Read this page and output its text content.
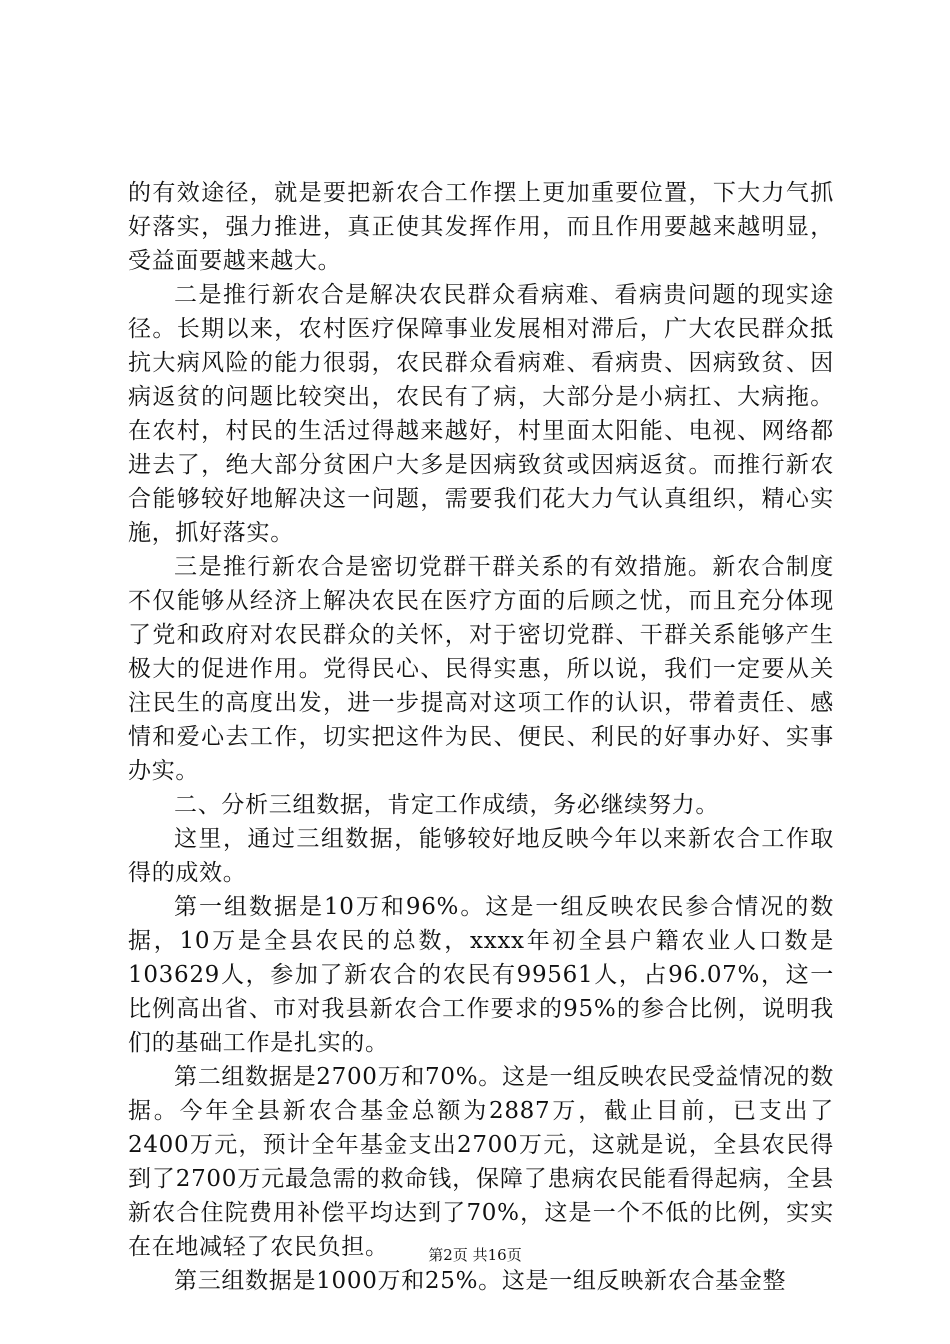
的有效途径，就是要把新农合工作摆上更加重要位置，下大力气抓好落实，强力推进，真正使其发挥作用，而且作用要越来越明显，受益面要越来越大。

二是推行新农合是解决农民群众看病难、看病贵问题的现实途径。长期以来，农村医疗保障事业发展相对滞后，广大农民群众抵抗大病风险的能力很弱，农民群众看病难、看病贵、因病致贫、因病返贫的问题比较突出，农民有了病，大部分是小病扛、大病拖。在农村，村民的生活过得越来越好，村里面太阳能、电视、网络都进去了，绝大部分贫困户大多是因病致贫或因病返贫。而推行新农合能够较好地解决这一问题，需要我们花大力气认真组织，精心实施，抓好落实。

三是推行新农合是密切党群干群关系的有效措施。新农合制度不仅能够从经济上解决农民在医疗方面的后顾之忧，而且充分体现了党和政府对农民群众的关怀，对于密切党群、干群关系能够产生极大的促进作用。党得民心、民得实惠，所以说，我们一定要从关注民生的高度出发，进一步提高对这项工作的认识，带着责任、感情和爱心去工作，切实把这件为民、便民、利民的好事办好、实事办实。

二、分析三组数据，肯定工作成绩，务必继续努力。

这里，通过三组数据，能够较好地反映今年以来新农合工作取得的成效。

第一组数据是10万和96%。这是一组反映农民参合情况的数据，10万是全县农民的总数，xxxx年初全县户籍农业人口数是103629人，参加了新农合的农民有99561人，占96.07%，这一比例高出省、市对我县新农合工作要求的95%的参合比例，说明我们的基础工作是扎实的。

第二组数据是2700万和70%。这是一组反映农民受益情况的数据。今年全县新农合基金总额为2887万，截止目前，已支出了2400万元，预计全年基金支出2700万元，这就是说，全县农民得到了2700万元最急需的救命钱，保障了患病农民能看得起病，全县新农合住院费用补偿平均达到了70%，这是一个不低的比例，实实在在地减轻了农民负担。

第三组数据是1000万和25%。这是一组反映新农合基金整

第2页 共16页
